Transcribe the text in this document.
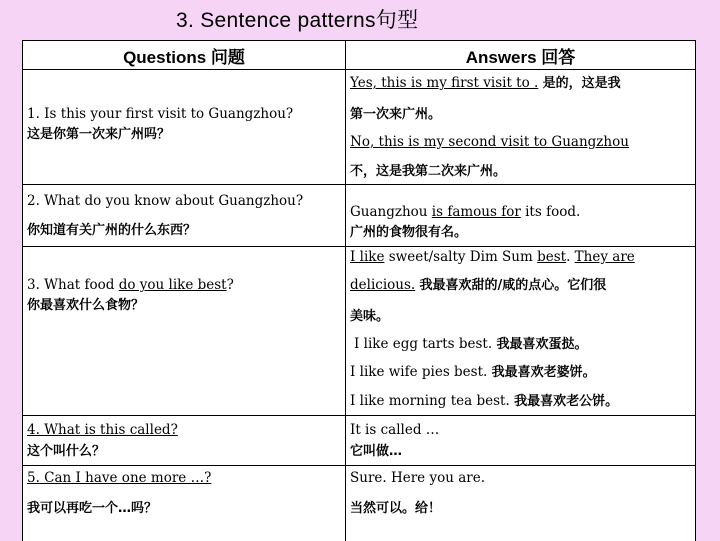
3. Sentence patterns句型
Questions 问题	Answers 回答
1. Is this your first visit to Guangzhou?
这是你第一次来广州吗？
Yes, this is my first visit to . 是的，这是我
第一次来广州。
No, this is my second visit to Guangzhou
不，这是我第二次来广州。
2. What do you know about Guangzhou?
你知道有关广州的什么东西？
Guangzhou is famous for its food.
广州的食物很有名。
3. What food do you like best?
你最喜欢什么食物？
I like sweet/salty Dim Sum best. They are
delicious. 我最喜欢甜的/咸的点心。它们很
美味。
I like egg tarts best. 我最喜欢蛋挞。
I like wife pies best. 我最喜欢老婆饼。
I like morning tea best. 我最喜欢老公饼。
4. What is this called?
这个叫什么？
It is called …
它叫做…
5. Can I have one more …?
我可以再吃一个…吗？
Sure. Here you are.
当然可以。给！
